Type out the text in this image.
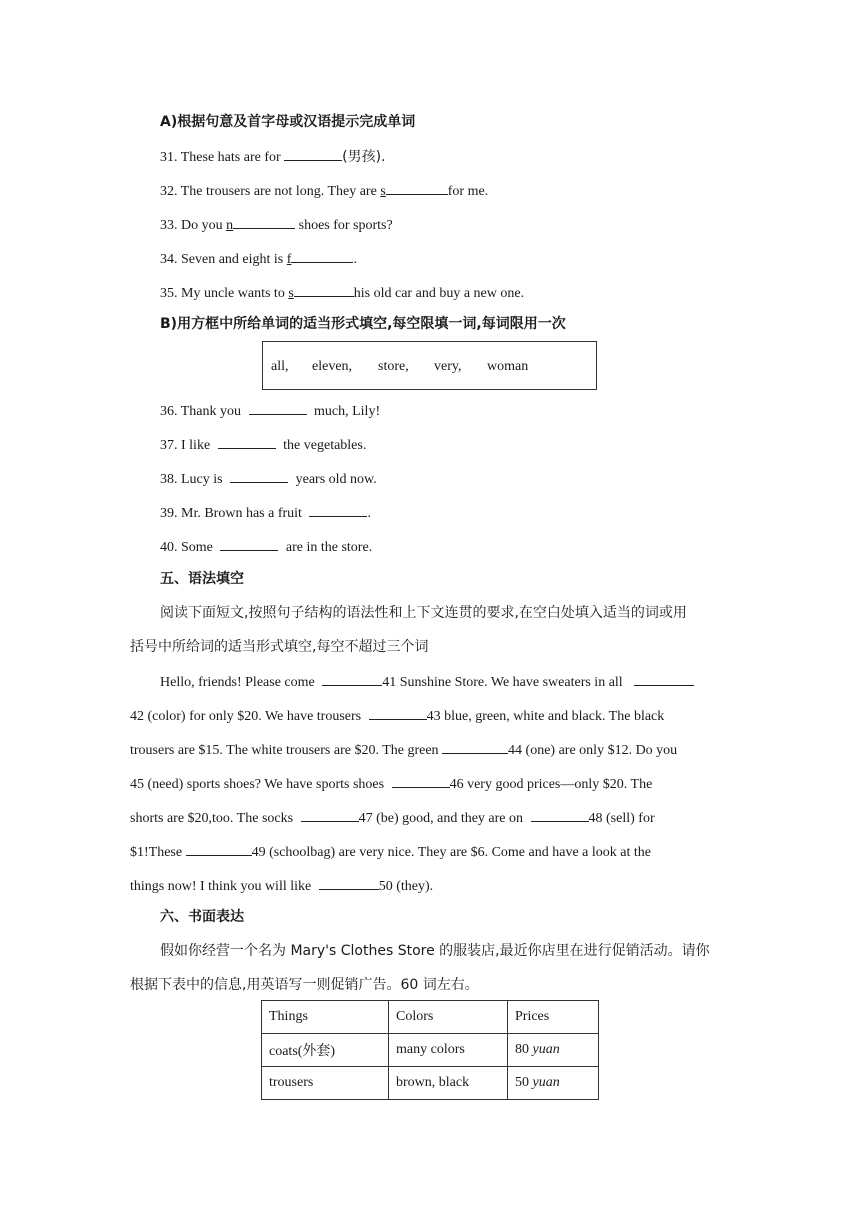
A)根据句意及首字母或汉语提示完成单词
31. These hats are for	(男孩).
32. The trousers are not long. They are s	for me.
33. Do you n	shoes for sports?
34. Seven and eight is f	.
35. My uncle wants to s	his old car and buy a new one.
B)用方框中所给单词的适当形式填空,每空限填一词,每词限用一次
all, eleven, store, very, woman
36. Thank you	much, Lily!
37. I like	the vegetables.
38. Lucy is	years old now.
39. Mr. Brown has a fruit	.
40. Some	are in the store.
五、语法填空
阅读下面短文,按照句子结构的语法性和上下文连贯的要求,在空白处填入适当的词或用
括号中所给词的适当形式填空,每空不超过三个词
Hello, friends! Please come	41 Sunshine Store. We have sweaters in all
42 (color) for only $20. We have trousers	43 blue, green, white and black. The black
trousers are $15. The white trousers are $20. The green	44 (one) are only $12. Do you
45 (need) sports shoes? We have sports shoes	46 very good prices—only $20. The
shorts are $20,too. The socks	47 (be) good, and they are on	48 (sell) for
$1!These	49 (schoolbag) are very nice. They are $6. Come and have a look at the
things now! I think you will like	50 (they).
六、书面表达
假如你经营一个名为 Mary's Clothes Store 的服装店,最近你店里在进行促销活动。请你
根据下表中的信息,用英语写一则促销广告。60 词左右。
Things	Colors	Prices
coats(外套)	many colors	80 yuan
trousers	brown, black	50 yuan
